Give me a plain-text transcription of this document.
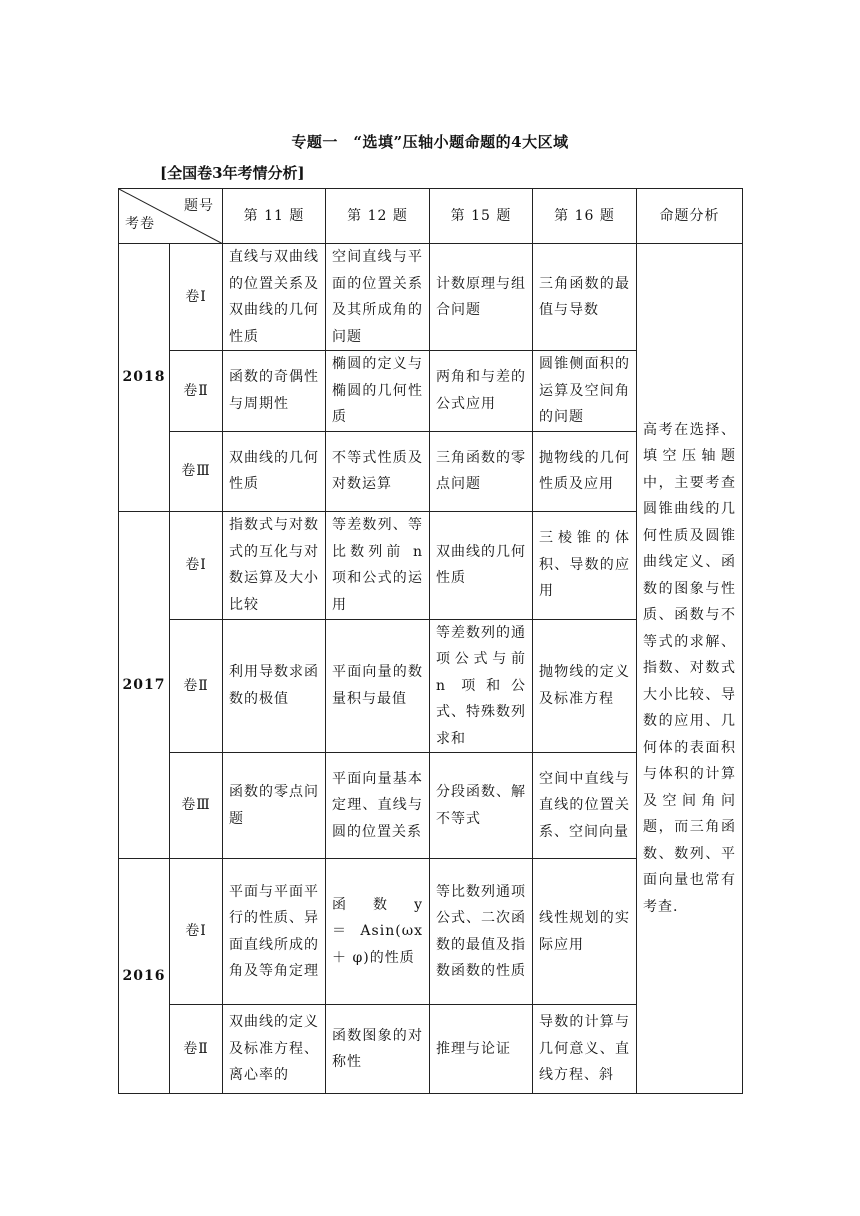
专题一　“选填”压轴小题命题的4大区域
[全国卷3年考情分析]
题号
考卷		第 11 题	第 12 题	第 15 题	第 16 题	命题分析
2018	卷Ⅰ	直线与双曲线的位置关系及双曲线的几何性质	空间直线与平面的位置关系及其所成角的问题	计数原理与组合问题	三角函数的最值与导数	高考在选择、填空压轴题中，主要考查圆锥曲线的几何性质及圆锥曲线定义、函数的图象与性质、函数与不等式的求解、指数、对数式大小比较、导数的应用、几何体的表面积与体积的计算及空间角问题，而三角函数、数列、平面向量也常有考查.
	卷Ⅱ	函数的奇偶性与周期性	椭圆的定义与椭圆的几何性质	两角和与差的公式应用	圆锥侧面积的运算及空间角的问题	
	卷Ⅲ	双曲线的几何性质	不等式性质及对数运算	三角函数的零点问题	抛物线的几何性质及应用	
2017	卷Ⅰ	指数式与对数式的互化与对数运算及大小比较	等差数列、等比数列前 n 项和公式的运用	双曲线的几何性质	三棱锥的体积、导数的应用	
	卷Ⅱ	利用导数求函数的极值	平面向量的数量积与最值	等差数列的通项公式与前 n 项和公式、特殊数列求和	抛物线的定义及标准方程	
	卷Ⅲ	函数的零点问题	平面向量基本定理、直线与圆的位置关系	分段函数、解不等式	空间中直线与直线的位置关系、空间向量	
2016	卷Ⅰ	平面与平面平行的性质、异面直线所成的角及等角定理	函　数　y　＝Asin(ωx ＋ φ)的性质	等比数列通项公式、二次函数的最值及指数函数的性质	线性规划的实际应用	
	卷Ⅱ	双曲线的定义及标准方程、离心率的	函数图象的对称性	推理与论证	导数的计算与几何意义、直线方程、斜	
